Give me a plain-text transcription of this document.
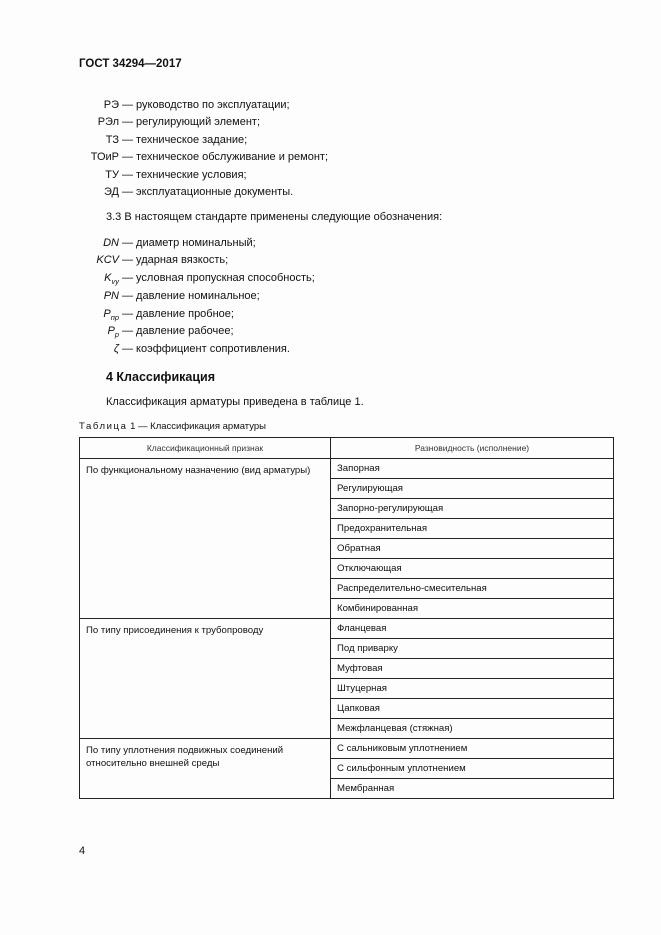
ГОСТ 34294—2017
РЭ — руководство по эксплуатации;
РЭл — регулирующий элемент;
ТЗ — техническое задание;
ТОиР — техническое обслуживание и ремонт;
ТУ — технические условия;
ЭД — эксплуатационные документы.
3.3 В настоящем стандарте применены следующие обозначения:
DN — диаметр номинальный;
KCV — ударная вязкость;
$K_{vy}$ — условная пропускная способность;
PN — давление номинальное;
$P_{пр}$ — давление пробное;
$P_р$ — давление рабочее;
ζ — коэффициент сопротивления.
4 Классификация
Классификация арматуры приведена в таблице 1.
Таблица 1 — Классификация арматуры
Классификационный признак	Разновидность (исполнение)
По функциональному назначению (вид арматуры)	Запорная
	Регулирующая
	Запорно-регулирующая
	Предохранительная
	Обратная
	Отключающая
	Распределительно-смесительная
	Комбинированная
По типу присоединения к трубопроводу	Фланцевая
	Под приварку
	Муфтовая
	Штуцерная
	Цапковая
	Межфланцевая (стяжная)
По типу уплотнения подвижных соединений относительно внешней среды	С сальниковым уплотнением
	С сильфонным уплотнением
	Мембранная
4
